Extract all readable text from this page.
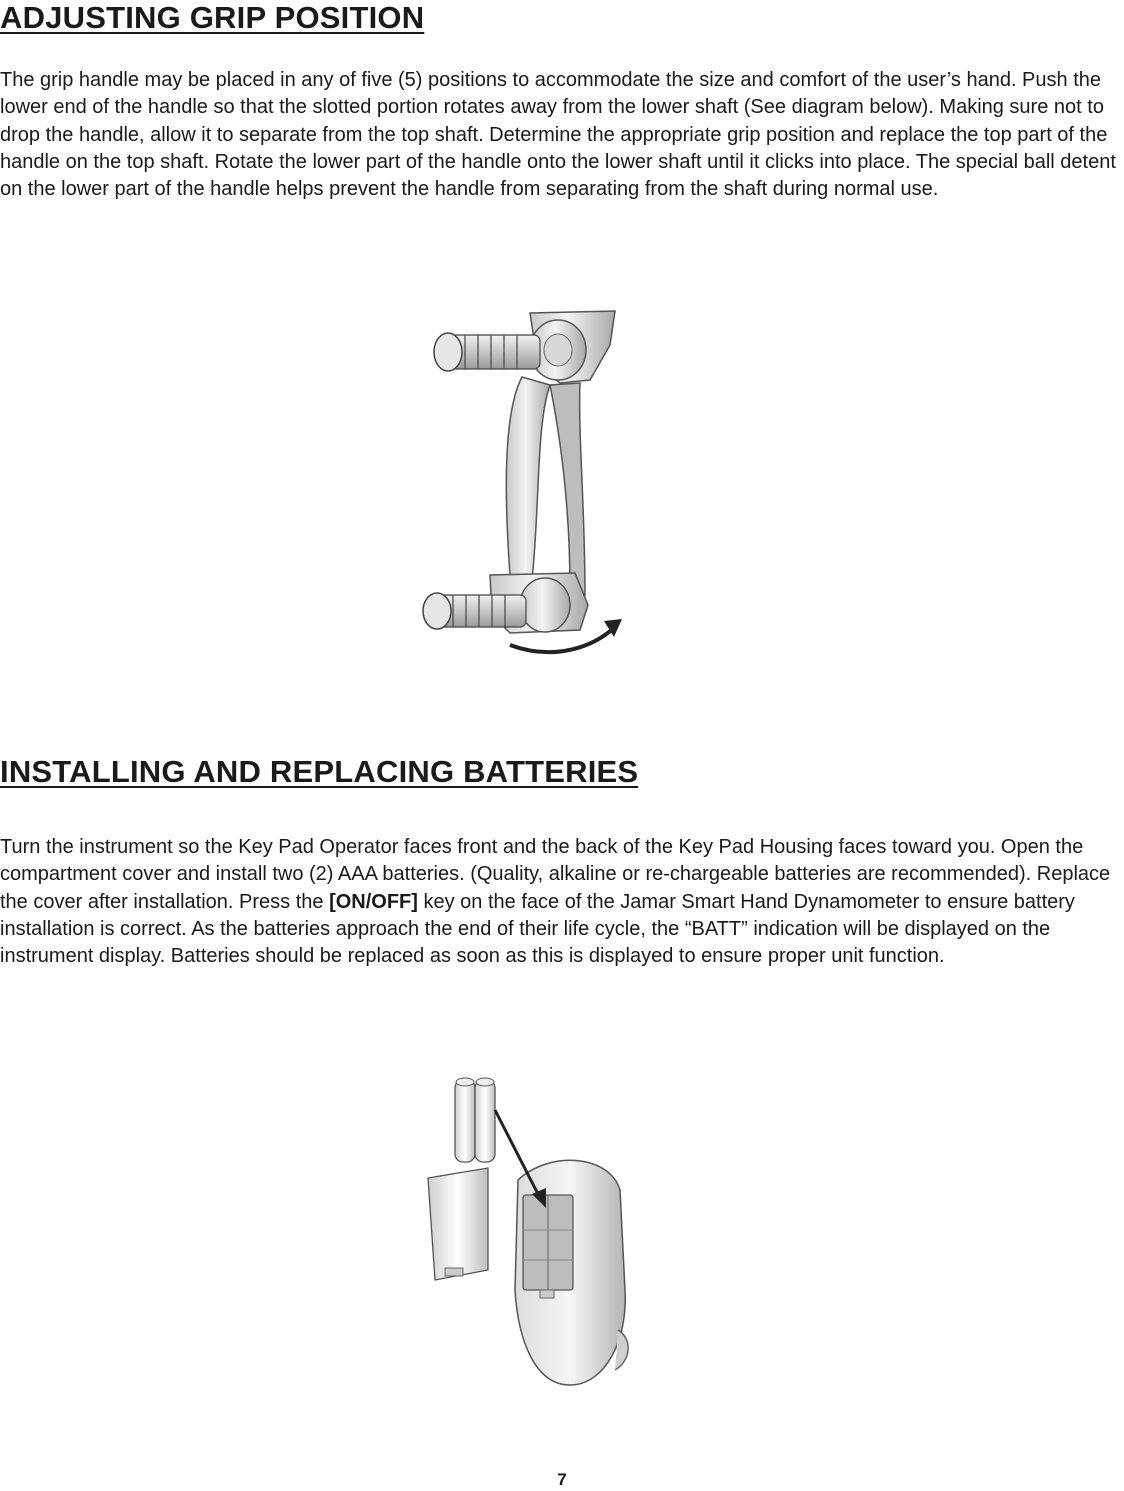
ADJUSTING GRIP POSITION

The grip handle may be placed in any of five (5) positions to accommodate the size and comfort of the user’s hand. Push the lower end of the handle so that the slotted portion rotates away from the lower shaft (See diagram below). Making sure not to drop the handle, allow it to separate from the top shaft. Determine the appropriate grip position and replace the top part of the handle on the top shaft. Rotate the lower part of the handle onto the lower shaft until it clicks into place. The special ball detent on the lower part of the handle helps prevent the handle from separating from the shaft during normal use.

INSTALLING AND REPLACING BATTERIES

Turn the instrument so the Key Pad Operator faces front and the back of the Key Pad Housing faces toward you. Open the compartment cover and install two (2) AAA batteries. (Quality, alkaline or re-chargeable batteries are recommended). Replace the cover after installation. Press the [ON/OFF] key on the face of the Jamar Smart Hand Dynamometer to ensure battery installation is correct. As the batteries approach the end of their life cycle, the “BATT” indication will be displayed on the instrument display. Batteries should be replaced as soon as this is displayed to ensure proper unit function.

7
